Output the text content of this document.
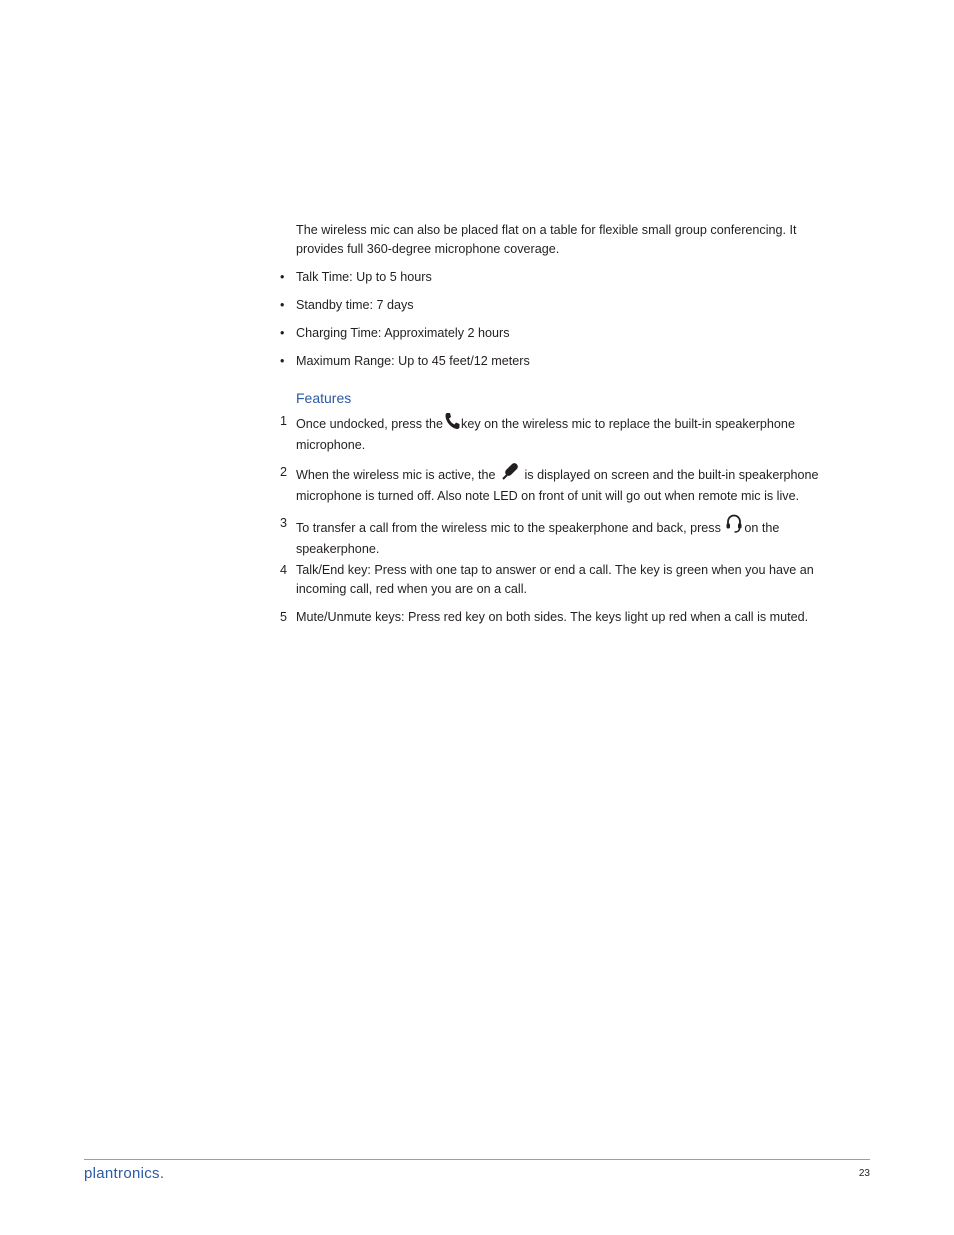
The wireless mic can also be placed flat on a table for flexible small group conferencing. It
provides full 360-degree microphone coverage.

• Talk Time: Up to 5 hours
• Standby time: 7 days
• Charging Time: Approximately 2 hours
• Maximum Range: Up to 45 feet/12 meters
Features
1 Once undocked, press the key on the wireless mic to replace the built-in speakerphone
microphone.
2 When the wireless mic is active, the is displayed on screen and the built-in speakerphone
microphone is turned off. Also note LED on front of unit will go out when remote mic is live.
3 To transfer a call from the wireless mic to the speakerphone and back, press on the
speakerphone.
4 Talk/End key: Press with one tap to answer or end a call. The key is green when you have an
incoming call, red when you are on a call.
5 Mute/Unmute keys: Press red key on both sides. The keys light up red when a call is muted.
plantronics.	23
